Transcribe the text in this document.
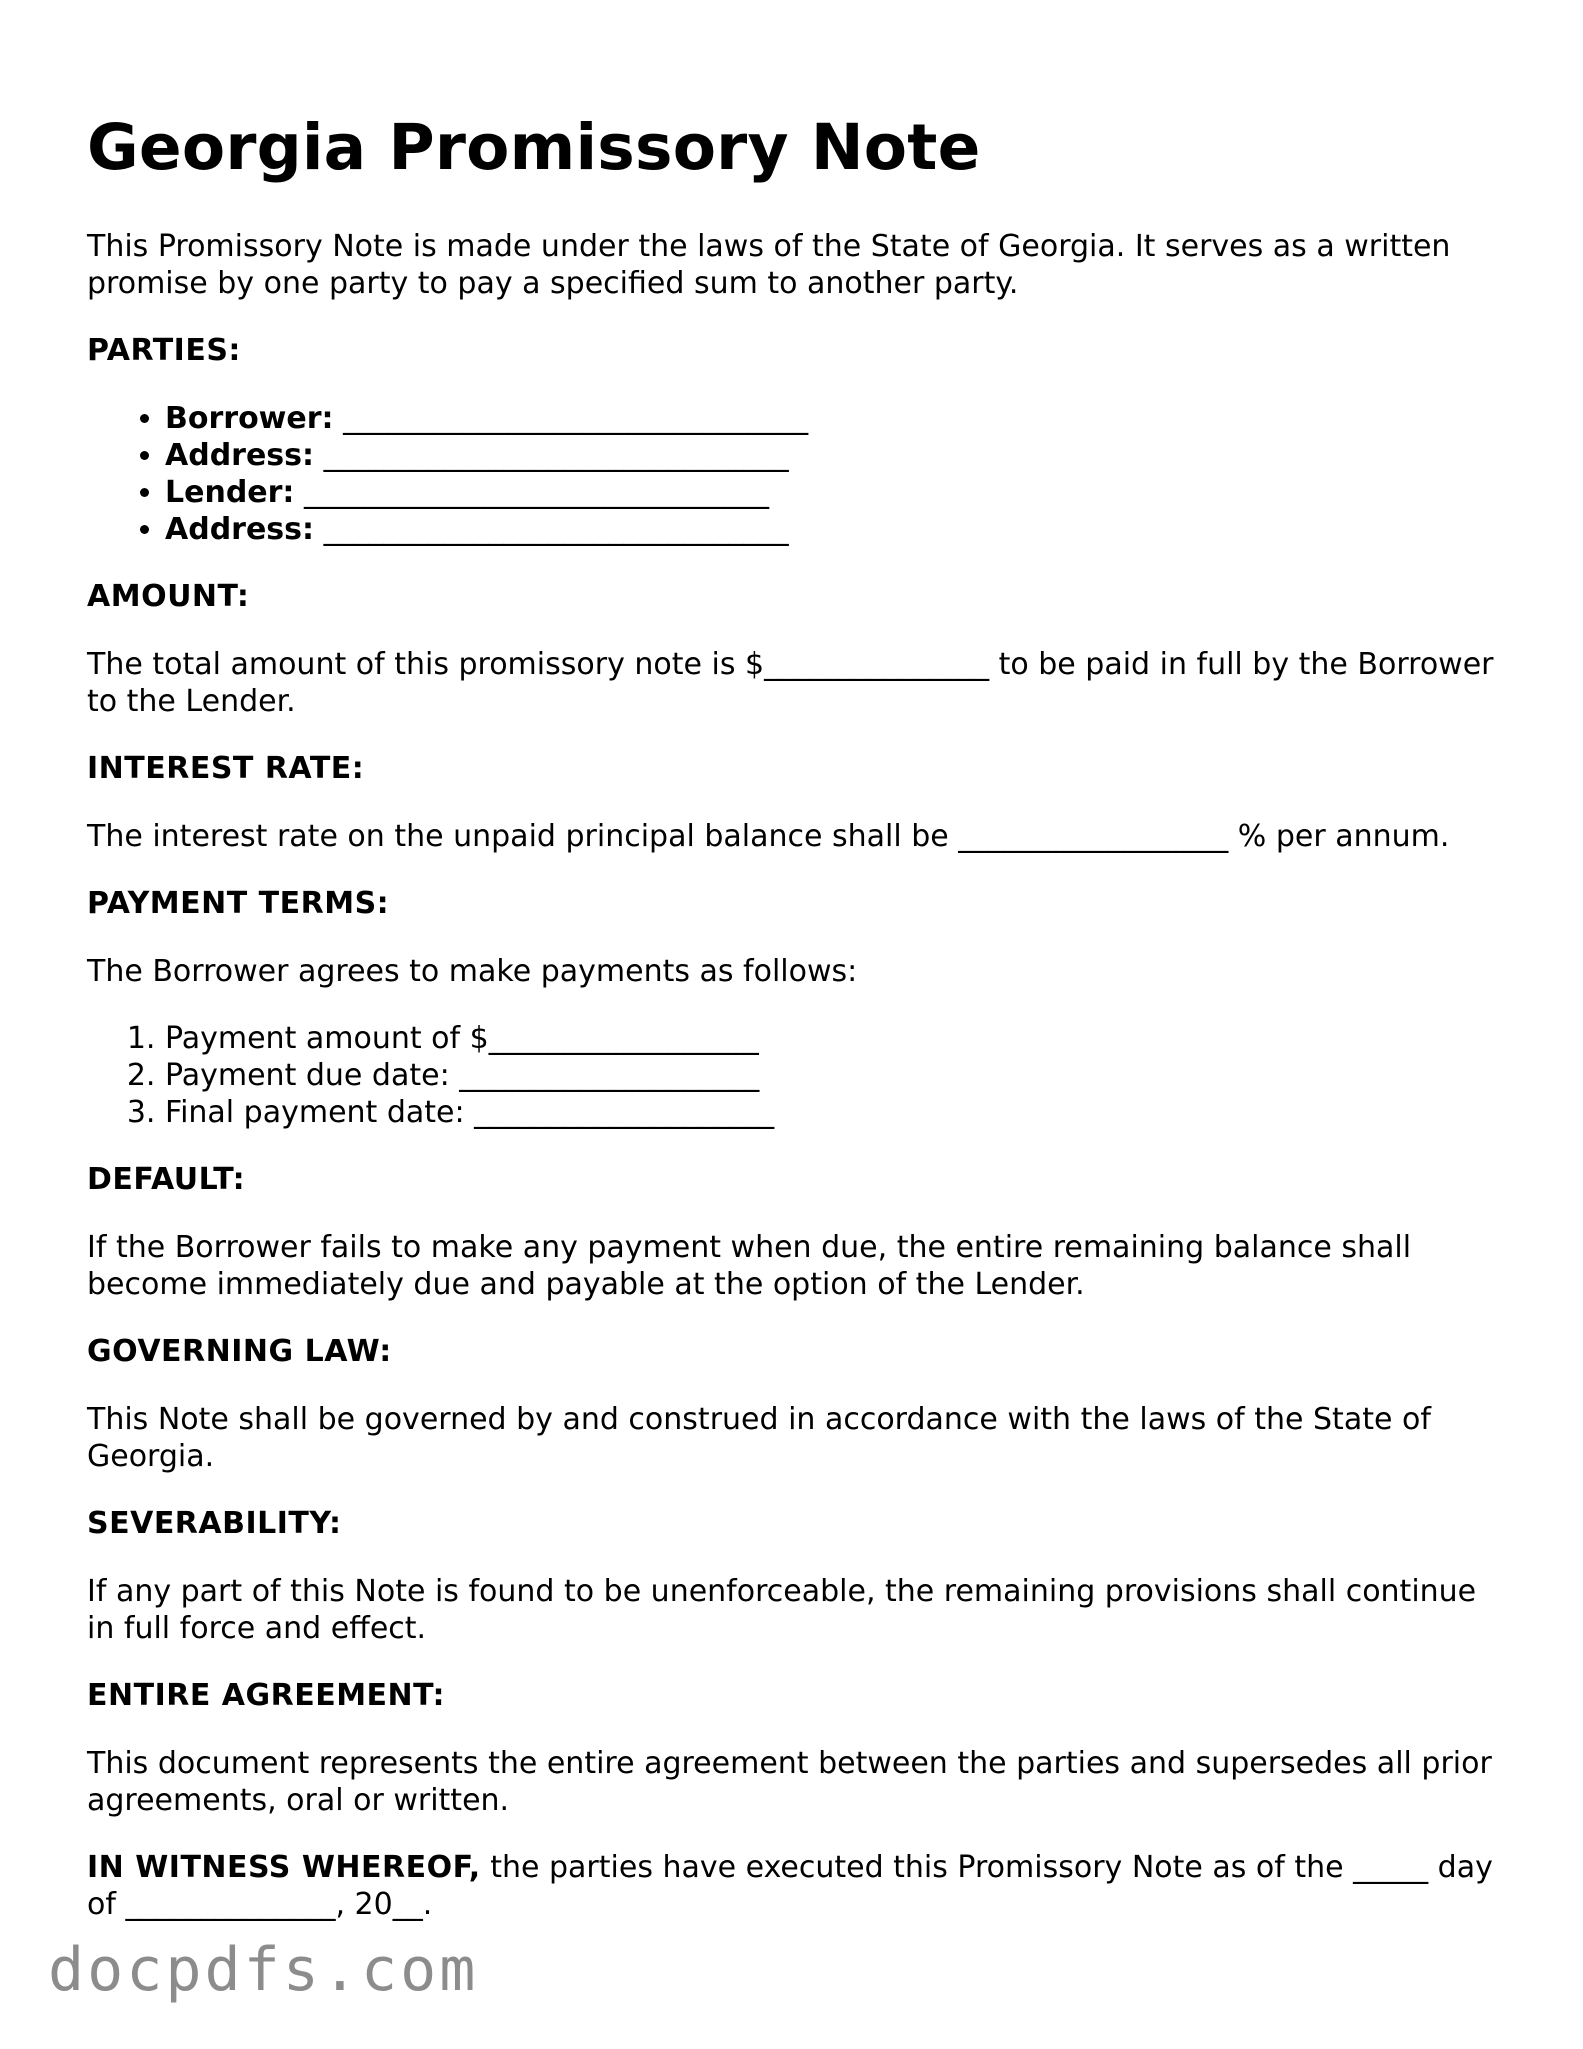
Georgia Promissory Note

This Promissory Note is made under the laws of the State of Georgia. It serves as a written promise by one party to pay a specified sum to another party.

PARTIES:
• Borrower: _______________________________
• Address: _______________________________
• Lender: _______________________________
• Address: _______________________________
AMOUNT:

The total amount of this promissory note is $_______________ to be paid in full by the Borrower to the Lender.

INTEREST RATE:

The interest rate on the unpaid principal balance shall be __________________ % per annum.

PAYMENT TERMS:

The Borrower agrees to make payments as follows:

1. Payment amount of $__________________
2. Payment due date: ____________________
3. Final payment date: ____________________
DEFAULT:

If the Borrower fails to make any payment when due, the entire remaining balance shall become immediately due and payable at the option of the Lender.

GOVERNING LAW:

This Note shall be governed by and construed in accordance with the laws of the State of Georgia.

SEVERABILITY:

If any part of this Note is found to be unenforceable, the remaining provisions shall continue in full force and effect.

ENTIRE AGREEMENT:

This document represents the entire agreement between the parties and supersedes all prior agreements, oral or written.

IN WITNESS WHEREOF, the parties have executed this Promissory Note as of the _____ day of ______________, 20__.

docpdfs.com
